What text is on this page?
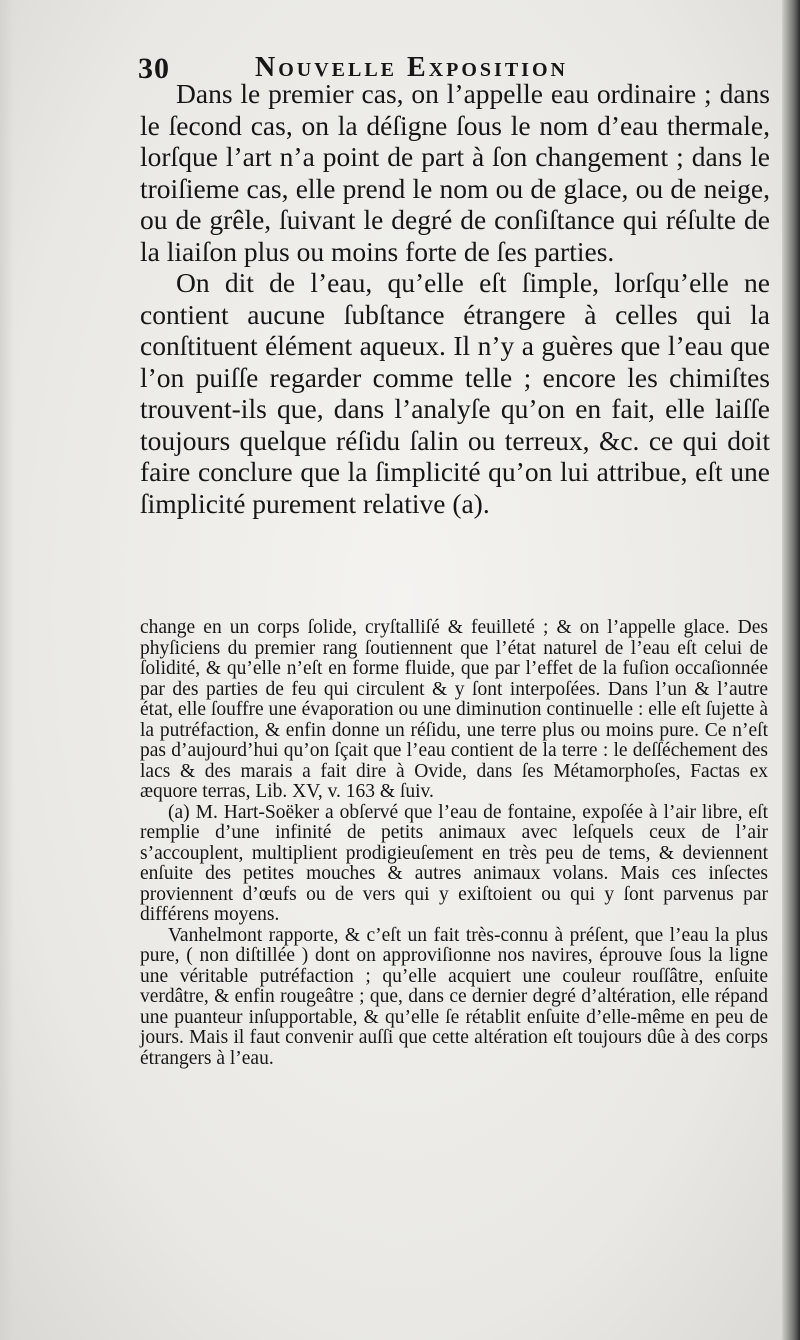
30	Nouvelle Exposition

Dans le premier cas, on l’appelle eau ordinaire ; dans le ſecond cas, on la déſigne ſous le nom d’eau thermale, lorſque l’art n’a point de part à ſon changement ; dans le troiſieme cas, elle prend le nom ou de glace, ou de neige, ou de grêle, ſuivant le degré de conſiſtance qui réſulte de la liaiſon plus ou moins forte de ſes parties.

On dit de l’eau, qu’elle eſt ſimple, lorſqu’elle ne contient aucune ſubſtance étrangere à celles qui la conſtituent élément aqueux. Il n’y a guères que l’eau que l’on puiſſe regarder comme telle ; encore les chimiſtes trouvent-ils que, dans l’analyſe qu’on en fait, elle laiſſe toujours quelque réſidu ſalin ou terreux, &c. ce qui doit faire conclure que la ſimplicité qu’on lui attribue, eſt une ſimplicité purement relative (a).

change en un corps ſolide, cryſtalliſé & feuilleté ; & on l’appelle glace. Des phyſiciens du premier rang ſoutiennent que l’état naturel de l’eau eſt celui de ſolidité, & qu’elle n’eſt en forme fluide, que par l’effet de la fuſion occaſionnée par des parties de feu qui circulent & y ſont interpoſées. Dans l’un & l’autre état, elle ſouffre une évaporation ou une diminution continuelle : elle eſt ſujette à la putréfaction, & enfin donne un réſidu, une terre plus ou moins pure. Ce n’eſt pas d’aujourd’hui qu’on ſçait que l’eau contient de la terre : le deſſéchement des lacs & des marais a fait dire à Ovide, dans ſes Métamorphoſes, Factas ex æquore terras, Lib. XV, v. 163 & ſuiv.

(a) M. Hart-Soëker a obſervé que l’eau de fontaine, expoſée à l’air libre, eſt remplie d’une infinité de petits animaux avec leſquels ceux de l’air s’accouplent, multiplient prodigieuſement en très peu de tems, & deviennent enſuite des petites mouches & autres animaux volans. Mais ces inſectes proviennent d’œufs ou de vers qui y exiſtoient ou qui y ſont parvenus par différens moyens.

Vanhelmont rapporte, & c’eſt un fait très-connu à préſent, que l’eau la plus pure, ( non diſtillée ) dont on approviſionne nos navires, éprouve ſous la ligne une véritable putréfaction ; qu’elle acquiert une couleur rouſſâtre, enſuite verdâtre, & enfin rougeâtre ; que, dans ce dernier degré d’altération, elle répand une puanteur inſupportable, & qu’elle ſe rétablit enſuite d’elle-même en peu de jours. Mais il faut convenir auſſi que cette altération eſt toujours dûe à des corps étrangers à l’eau.
